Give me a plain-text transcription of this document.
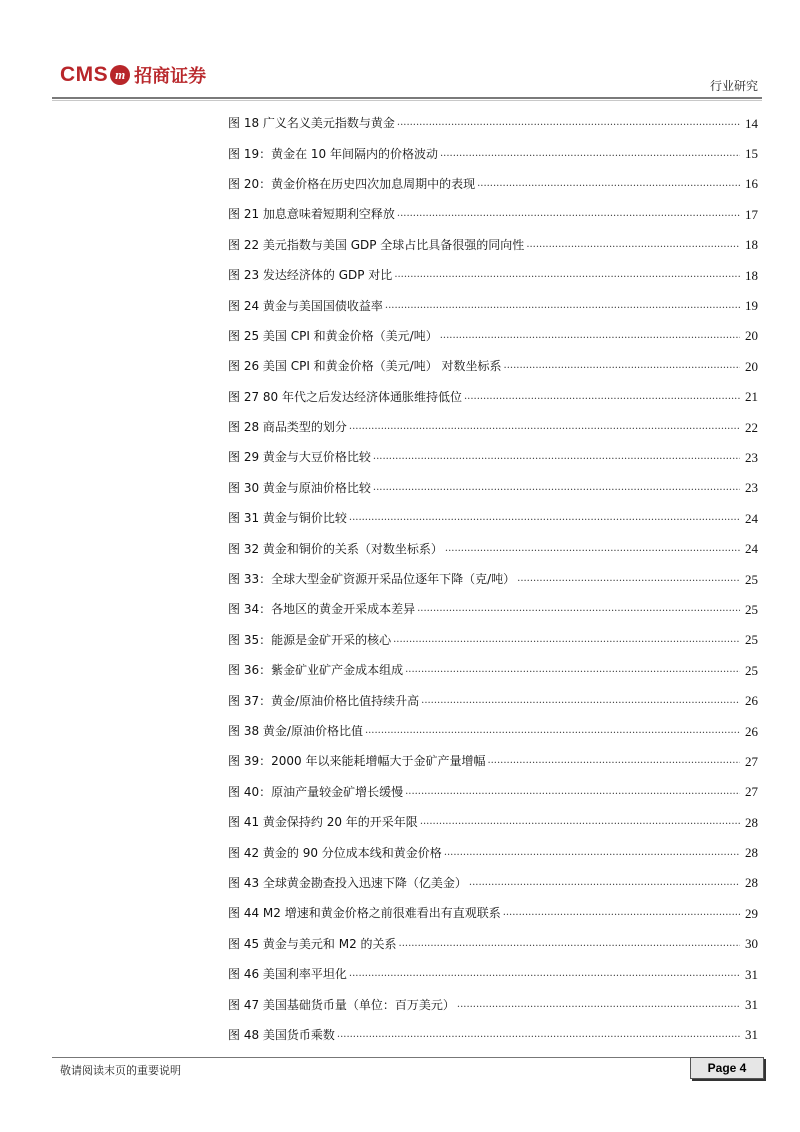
CMS m 招商证券	行业研究
图 18 广义名义美元指数与黄金 .....	14
图 19：黄金在 10 年间隔内的价格波动 .....	15
图 20：黄金价格在历史四次加息周期中的表现 .....	16
图 21 加息意味着短期利空释放 .....	17
图 22 美元指数与美国 GDP 全球占比具备很强的同向性 .....	18
图 23 发达经济体的 GDP 对比 .....	18
图 24 黄金与美国国债收益率 .....	19
图 25 美国 CPI 和黄金价格（美元/吨） .....	20
图 26 美国 CPI 和黄金价格（美元/吨） 对数坐标系 .....	20
图 27 80 年代之后发达经济体通胀维持低位 .....	21
图 28 商品类型的划分 .....	22
图 29 黄金与大豆价格比较 .....	23
图 30 黄金与原油价格比较 .....	23
图 31 黄金与铜价比较 .....	24
图 32 黄金和铜价的关系（对数坐标系） .....	24
图 33：全球大型金矿资源开采品位逐年下降（克/吨） .....	25
图 34：各地区的黄金开采成本差异 .....	25
图 35：能源是金矿开采的核心 .....	25
图 36：紫金矿业矿产金成本组成 .....	25
图 37：黄金/原油价格比值持续升高 .....	26
图 38 黄金/原油价格比值 .....	26
图 39：2000 年以来能耗增幅大于金矿产量增幅 .....	27
图 40：原油产量较金矿增长缓慢 .....	27
图 41 黄金保持约 20 年的开采年限 .....	28
图 42 黄金的 90 分位成本线和黄金价格 .....	28
图 43 全球黄金勘查投入迅速下降（亿美金） .....	28
图 44 M2 增速和黄金价格之前很难看出有直观联系 .....	29
图 45 黄金与美元和 M2 的关系 .....	30
图 46 美国利率平坦化 .....	31
图 47 美国基础货币量（单位：百万美元） .....	31
图 48 美国货币乘数 .....	31
敬请阅读末页的重要说明	Page 4
